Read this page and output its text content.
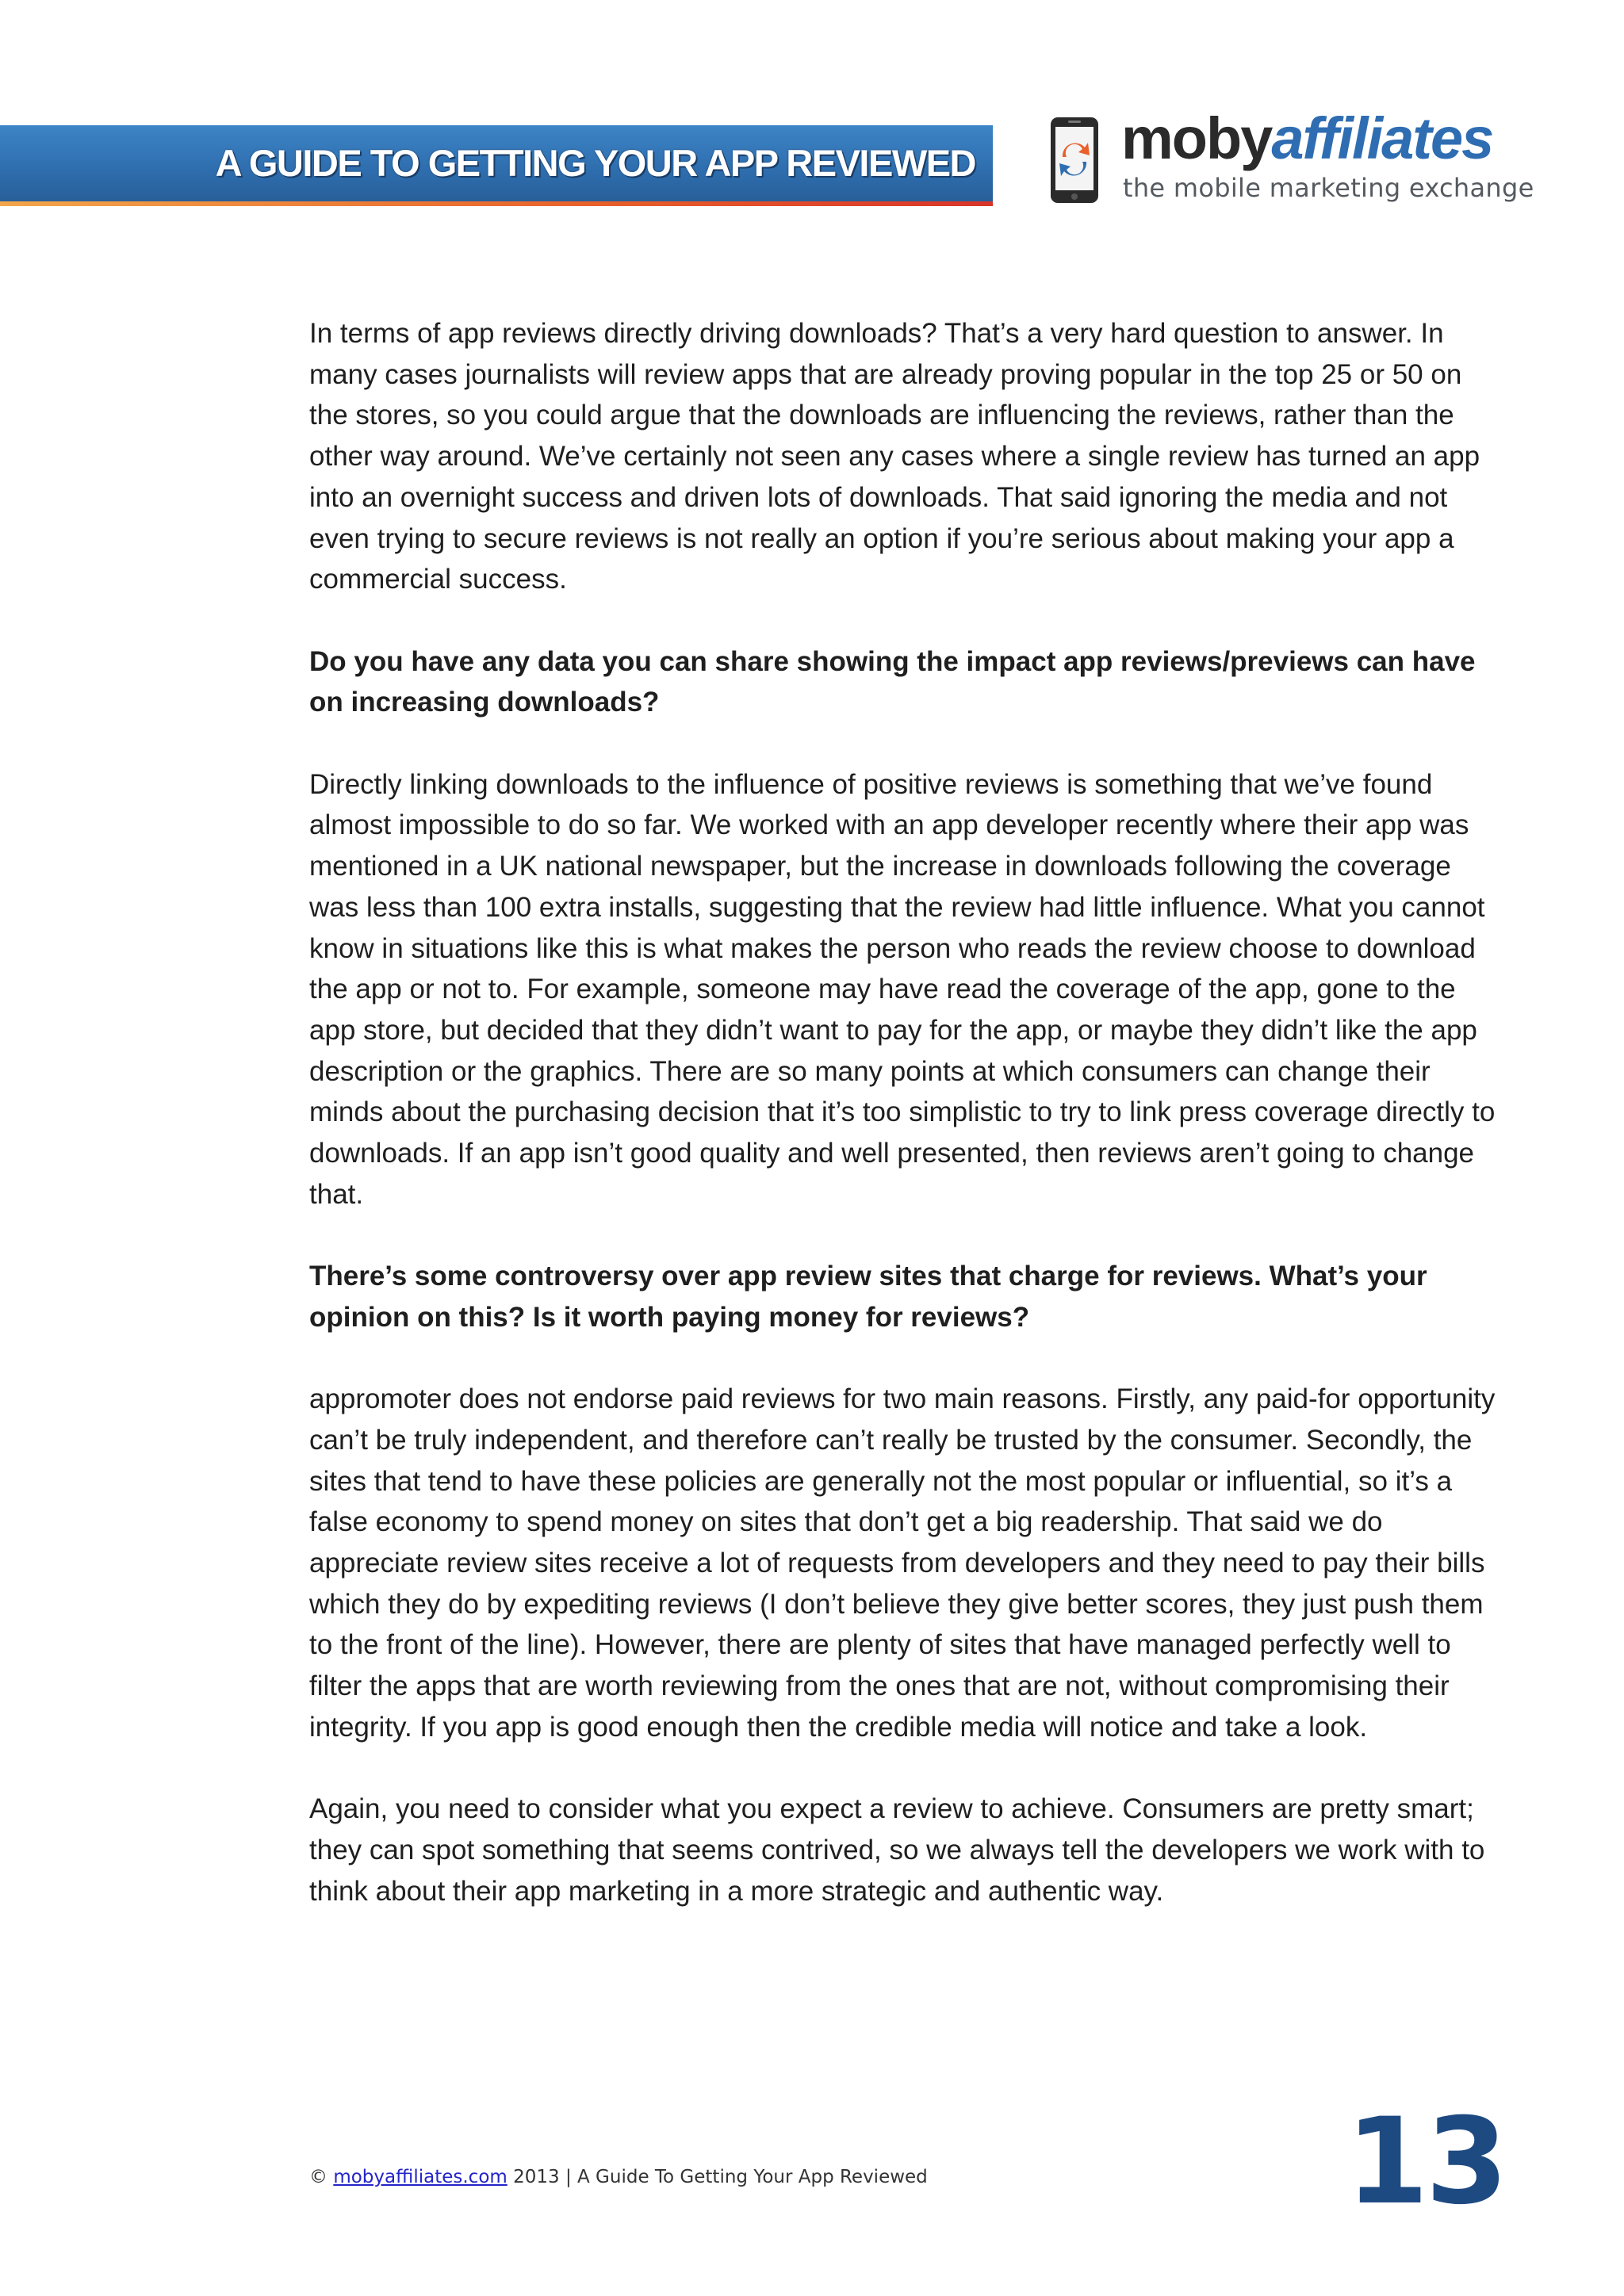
A GUIDE TO GETTING YOUR APP REVIEWED mobyaffiliates
the mobile marketing exchange

In terms of app reviews directly driving downloads? That’s a very hard question to answer. In many cases journalists will review apps that are already proving popular in the top 25 or 50 on the stores, so you could argue that the downloads are influencing the reviews, rather than the other way around. We’ve certainly not seen any cases where a single review has turned an app into an overnight success and driven lots of downloads. That said ignoring the media and not even trying to secure reviews is not really an option if you’re serious about making your app a commercial success.

Do you have any data you can share showing the impact app reviews/previews can have on increasing downloads?

Directly linking downloads to the influence of positive reviews is something that we’ve found almost impossible to do so far. We worked with an app developer recently where their app was mentioned in a UK national newspaper, but the increase in downloads following the coverage was less than 100 extra installs, suggesting that the review had little influence. What you cannot know in situations like this is what makes the person who reads the review choose to download the app or not to. For example, someone may have read the coverage of the app, gone to the app store, but decided that they didn’t want to pay for the app, or maybe they didn’t like the app description or the graphics. There are so many points at which consumers can change their minds about the purchasing decision that it’s too simplistic to try to link press coverage directly to downloads. If an app isn’t good quality and well presented, then reviews aren’t going to change that.

There’s some controversy over app review sites that charge for reviews. What’s your opinion on this? Is it worth paying money for reviews?

appromoter does not endorse paid reviews for two main reasons. Firstly, any paid-for opportunity can’t be truly independent, and therefore can’t really be trusted by the consumer. Secondly, the sites that tend to have these policies are generally not the most popular or influential, so it’s a false economy to spend money on sites that don’t get a big readership. That said we do appreciate review sites receive a lot of requests from developers and they need to pay their bills which they do by expediting reviews (I don’t believe they give better scores, they just push them to the front of the line). However, there are plenty of sites that have managed perfectly well to filter the apps that are worth reviewing from the ones that are not, without compromising their integrity. If you app is good enough then the credible media will notice and take a look.

Again, you need to consider what you expect a review to achieve. Consumers are pretty smart; they can spot something that seems contrived, so we always tell the developers we work with to think about their app marketing in a more strategic and authentic way.

© mobyaffiliates.com 2013 | A Guide To Getting Your App Reviewed	13
